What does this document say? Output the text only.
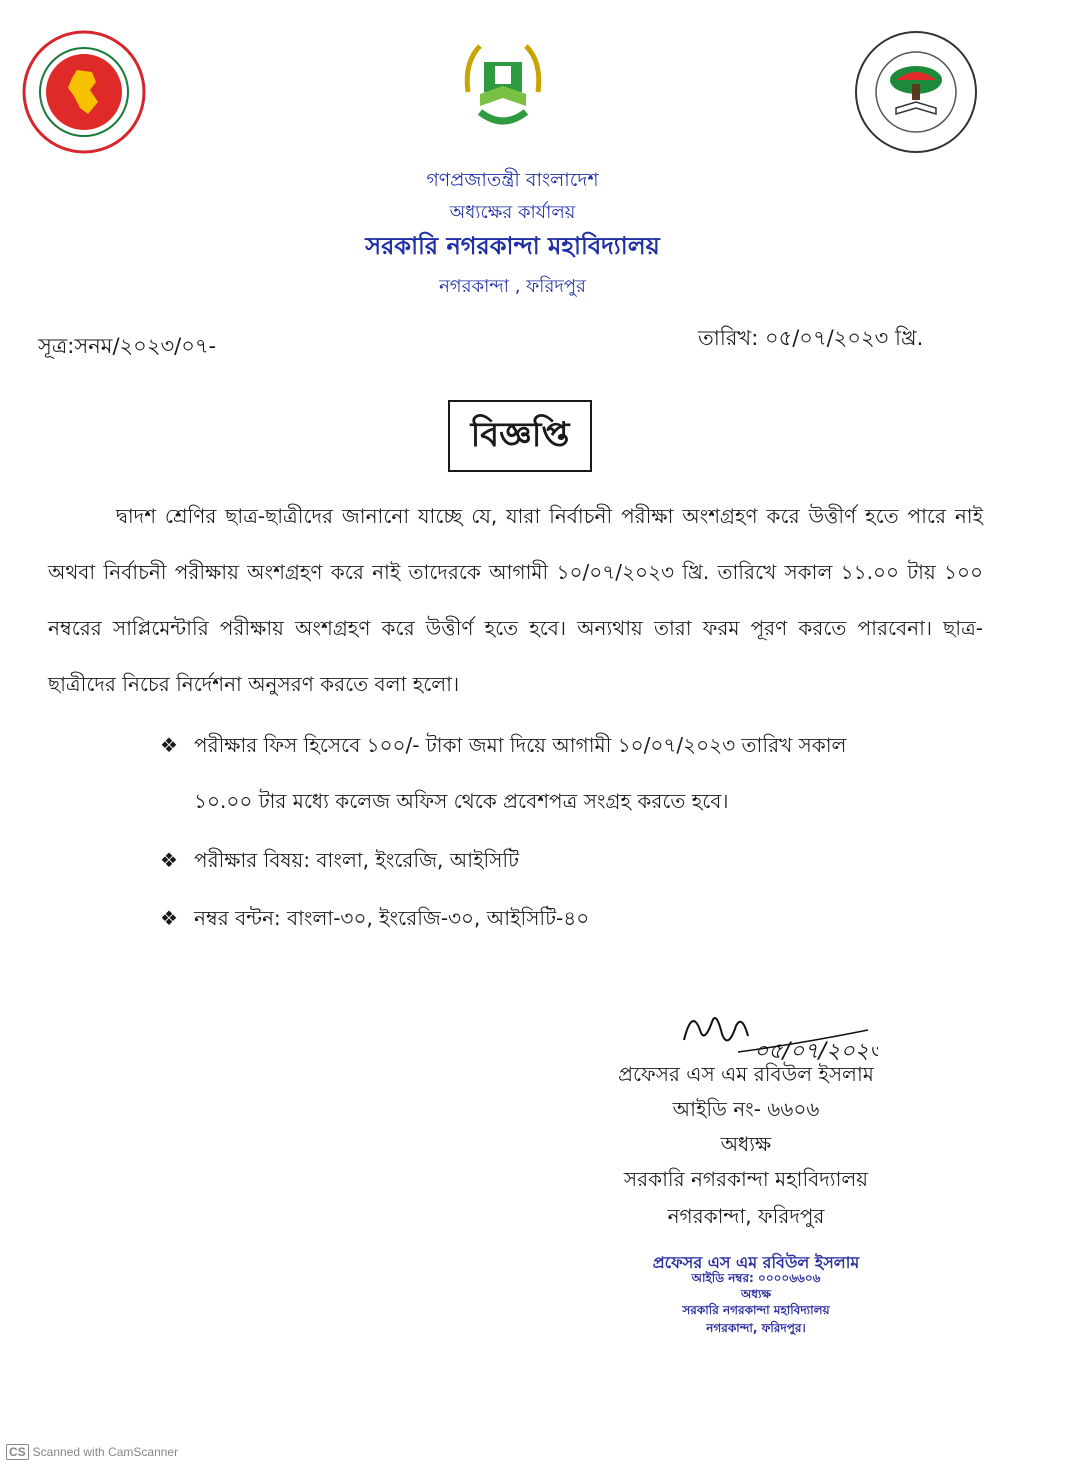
গণপ্রজাতন্ত্রী বাংলাদেশ
অধ্যক্ষের কার্যালয়
সরকারি নগরকান্দা মহাবিদ্যালয়
নগরকান্দা , ফরিদপুর
সূত্র:সনম/২০২৩/০৭-	তারিখ: ০৫/০৭/২০২৩ খ্রি.
বিজ্ঞপ্তি
দ্বাদশ শ্রেণির ছাত্র-ছাত্রীদের জানানো যাচ্ছে যে, যারা নির্বাচনী পরীক্ষা অংশগ্রহণ করে উত্তীর্ণ হতে পারে নাই অথবা নির্বাচনী পরীক্ষায় অংশগ্রহণ করে নাই তাদেরকে আগামী ১০/০৭/২০২৩ খ্রি. তারিখে সকাল ১১.০০ টায় ১০০ নম্বরের সাপ্লিমেন্টারি পরীক্ষায় অংশগ্রহণ করে উত্তীর্ণ হতে হবে। অন্যথায় তারা ফরম পূরণ করতে পারবেনা। ছাত্র-ছাত্রীদের নিচের নির্দেশনা অনুসরণ করতে বলা হলো।
❖ পরীক্ষার ফিস হিসেবে ১০০/- টাকা জমা দিয়ে আগামী ১০/০৭/২০২৩ তারিখ সকাল
১০.০০ টার মধ্যে কলেজ অফিস থেকে প্রবেশপত্র সংগ্রহ করতে হবে।
❖ পরীক্ষার বিষয়: বাংলা, ইংরেজি, আইসিটি
❖ নম্বর বন্টন: বাংলা-৩০, ইংরেজি-৩০, আইসিটি-৪০
০৫/০৭/২০২৩
প্রফেসর এস এম রবিউল ইসলাম
আইডি নং- ৬৬০৬
অধ্যক্ষ
সরকারি নগরকান্দা মহাবিদ্যালয়
নগরকান্দা, ফরিদপুর
প্রফেসর এস এম রবিউল ইসলাম
আইডি নম্বর: ০০০০৬৬০৬
অধ্যক্ষ
সরকারি নগরকান্দা মহাবিদ্যালয়
নগরকান্দা, ফরিদপুর।
CS Scanned with CamScanner
